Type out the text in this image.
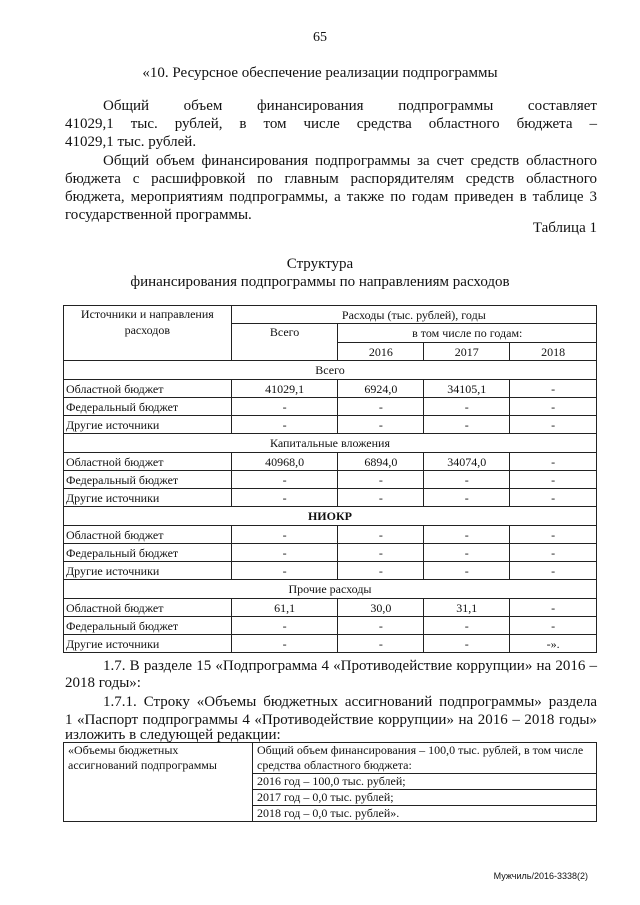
65
«10. Ресурсное обеспечение реализации подпрограммы
Общий объем финансирования подпрограммы составляет
41029,1 тыс. рублей, в том числе средства областного бюджета –
41029,1 тыс. рублей.
Общий объем финансирования подпрограммы за счет средств областного бюджета с расшифровкой по главным распорядителям средств областного бюджета, мероприятиям подпрограммы, а также по годам приведен в таблице 3 государственной программы.
Таблица 1
Структура
финансирования подпрограммы по направлениям расходов
Источники и направления расходов	Расходы (тыс. рублей), годы			
	Всего	в том числе по годам:		
		2016	2017	2018
Всего				
Областной бюджет	41029,1	6924,0	34105,1	-
Федеральный бюджет	-	-	-	-
Другие источники	-	-	-	-
Капитальные вложения				
Областной бюджет	40968,0	6894,0	34074,0	-
Федеральный бюджет	-	-	-	-
Другие источники	-	-	-	-
НИОКР				
Областной бюджет	-	-	-	-
Федеральный бюджет	-	-	-	-
Другие источники	-	-	-	-
Прочие расходы				
Областной бюджет	61,1	30,0	31,1	-
Федеральный бюджет	-	-	-	-
Другие источники	-	-	-	-».
1.7. В разделе 15 «Подпрограмма 4 «Противодействие коррупции» на 2016 –
2018 годы»:
1.7.1. Строку «Объемы бюджетных ассигнований подпрограммы» раздела
1 «Паспорт подпрограммы 4 «Противодействие коррупции» на 2016 – 2018 годы»
изложить в следующей редакции:
«Объемы бюджетных ассигнований подпрограммы	
Общий объем финансирования – 100,0 тыс. рублей, в том числе средства областного бюджета:
2016 год – 100,0 тыс. рублей;
2017 год – 0,0 тыс. рублей;
2018 год – 0,0 тыс. рублей».
Мужчиль/2016-3338(2)
